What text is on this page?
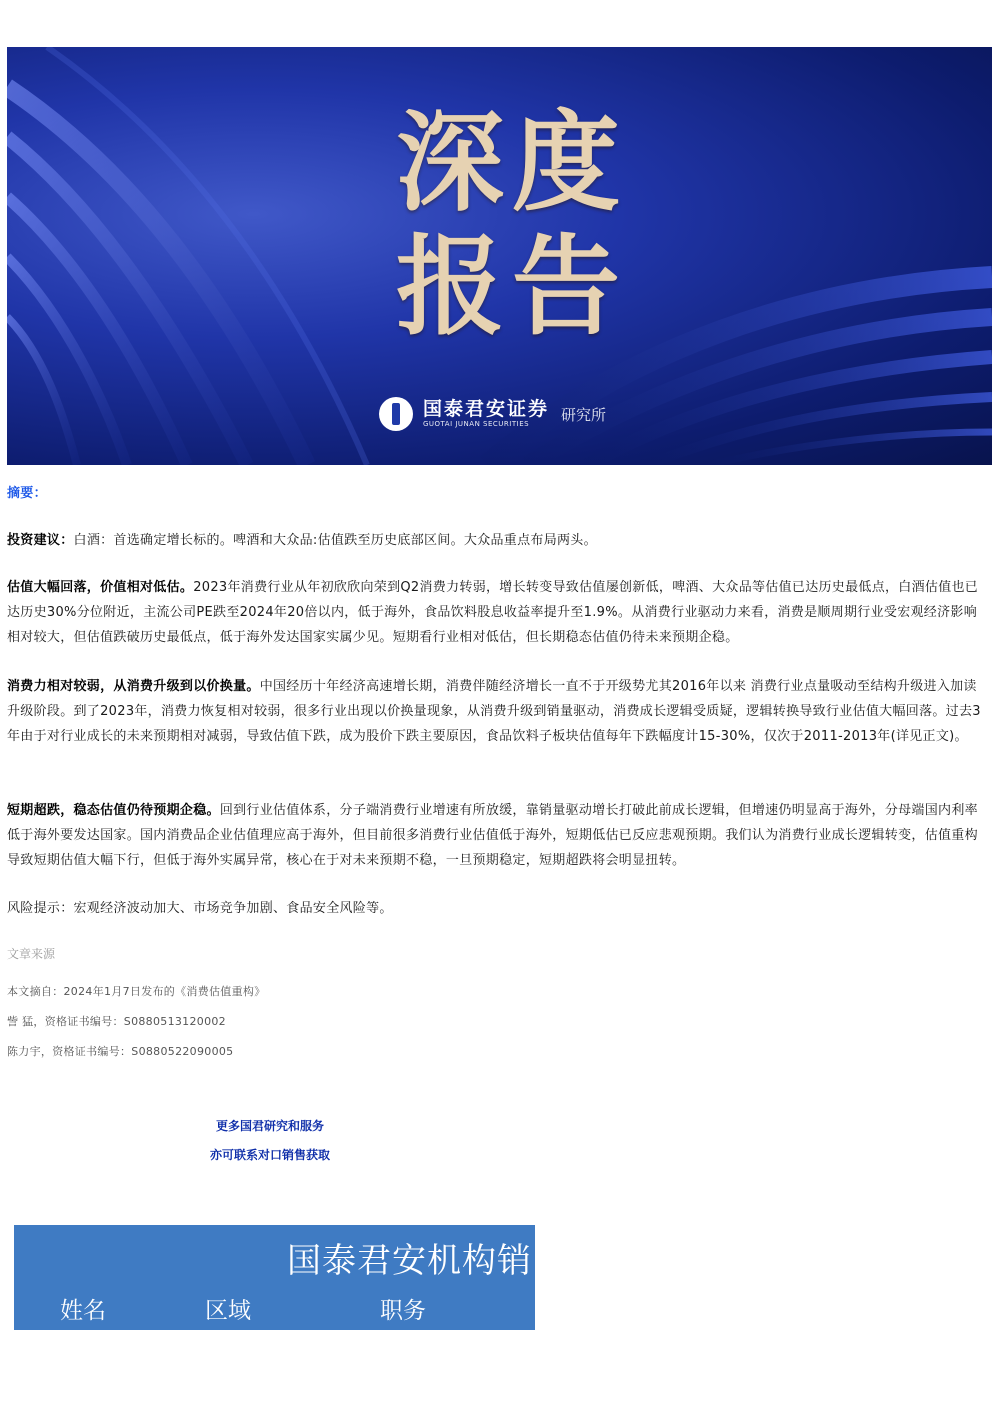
深度
报告
国泰君安证券
GUOTAI JUNAN SECURITIES
研究所
摘要：
投资建议：白酒：首选确定增长标的。啤酒和大众品:估值跌至历史底部区间。大众品重点布局两头。
估值大幅回落，价值相对低估。2023年消费行业从年初欣欣向荣到Q2消费力转弱，增长转变导致估值屡创新低，啤酒、大众品等估值已达历史最低点，白酒估值也已达历史30%分位附近，主流公司PE跌至2024年20倍以内，低于海外，食品饮料股息收益率提升至1.9%。从消费行业驱动力来看，消费是顺周期行业受宏观经济影响相对较大，但估值跌破历史最低点，低于海外发达国家实属少见。短期看行业相对低估，但长期稳态估值仍待未来预期企稳。
消费力相对较弱，从消费升级到以价换量。中国经历十年经济高速增长期，消费伴随经济增长一直不于开级势尤其2016年以来 消费行业点量吸动至结构升级进入加读升级阶段。到了2023年，消费力恢复相对较弱，很多行业出现以价换量现象，从消费升级到销量驱动，消费成长逻辑受质疑，逻辑转换导致行业估值大幅回落。过去3年由于对行业成长的未来预期相对减弱，导致估值下跌，成为股价下跌主要原因，食品饮料子板块估值每年下跌幅度计15-30%，仅次于2011-2013年(详见正文)。
短期超跌，稳态估值仍待预期企稳。回到行业估值体系，分子端消费行业增速有所放缓，靠销量驱动增长打破此前成长逻辑，但增速仍明显高于海外，分母端国内利率低于海外要发达国家。国内消费品企业估值理应高于海外，但目前很多消费行业估值低于海外，短期低估已反应悲观预期。我们认为消费行业成长逻辑转变，估值重构导致短期估值大幅下行，但低于海外实属异常，核心在于对未来预期不稳，一旦预期稳定，短期超跌将会明显扭转。
风险提示：宏观经济波动加大、市场竞争加剧、食品安全风险等。
文章来源
本文摘自：2024年1月7日发布的《消费估值重构》
訾 猛，资格证书编号：S0880513120002
陈力宇，资格证书编号：S0880522090005
更多国君研究和服务
亦可联系对口销售获取
国泰君安机构销
姓名	区域	职务
